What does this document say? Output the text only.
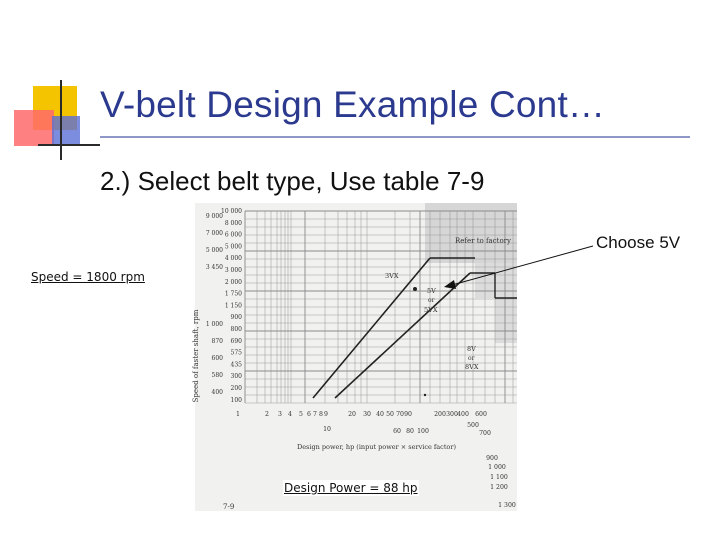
V-belt Design Example Cont…
2.) Select belt type, Use table 7-9
10 000
8 000
6 000
5 000
4 000
3 000
2 000
1 750
1 150
900
800
690
575
435
300
200
100
9 000
7 000
5 000
3 450
1 000
870
600
580
400
1	2 3 4 5 6 7 8 9	20 30 40 50 70 90	200 300 400 600
10	60 80 100
500
700
900
1 000
1 100
1 200
1 300
Speed of faster shaft, rpm
Design power, hp (input power × service factor)
Refer to factory
3VX
5V
or
5VX
8V
or
8VX
7-9
Choose 5V
Speed = 1800 rpm
Design Power = 88 hp
